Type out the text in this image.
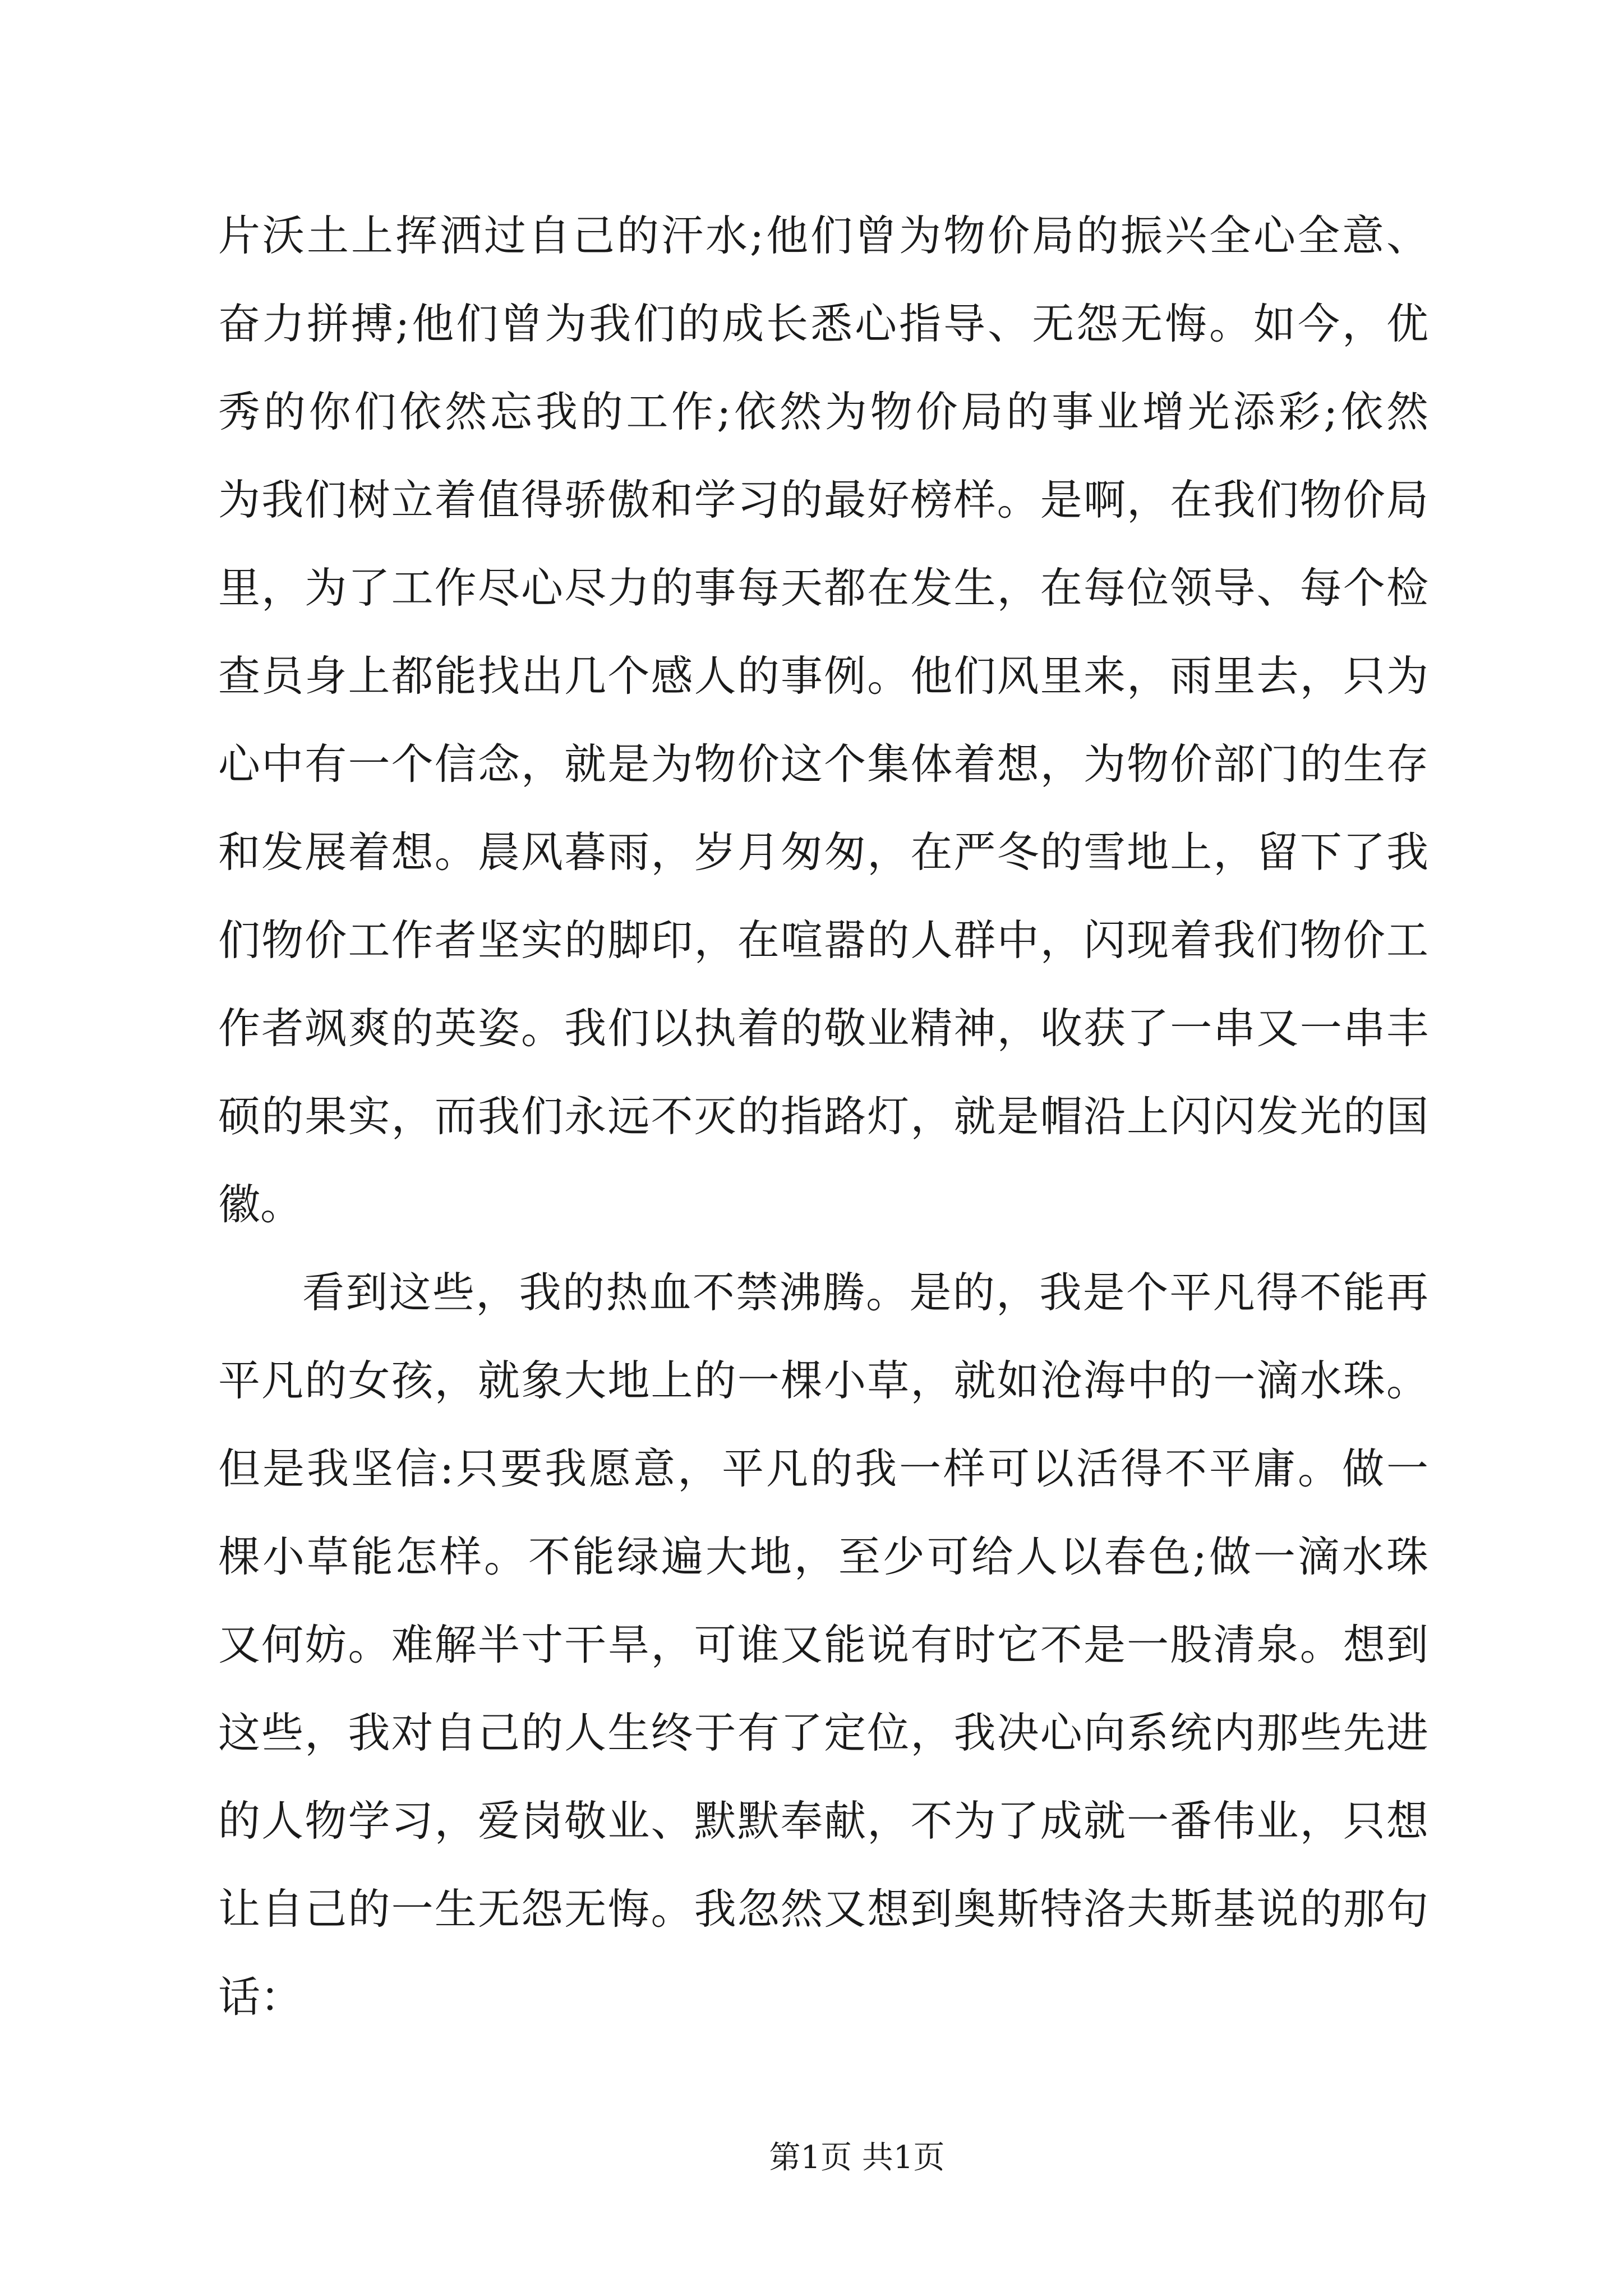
片沃土上挥洒过自己的汗水;他们曾为物价局的振兴全心全意、
奋力拼搏;他们曾为我们的成长悉心指导、无怨无悔。如今，优
秀的你们依然忘我的工作;依然为物价局的事业增光添彩;依然
为我们树立着值得骄傲和学习的最好榜样。是啊，在我们物价局
里，为了工作尽心尽力的事每天都在发生，在每位领导、每个检
查员身上都能找出几个感人的事例。他们风里来，雨里去，只为
心中有一个信念，就是为物价这个集体着想，为物价部门的生存
和发展着想。晨风暮雨，岁月匆匆，在严冬的雪地上，留下了我
们物价工作者坚实的脚印，在喧嚣的人群中，闪现着我们物价工
作者飒爽的英姿。我们以执着的敬业精神，收获了一串又一串丰
硕的果实，而我们永远不灭的指路灯，就是帽沿上闪闪发光的国
徽。
看到这些，我的热血不禁沸腾。是的，我是个平凡得不能再
平凡的女孩，就象大地上的一棵小草，就如沧海中的一滴水珠。
但是我坚信:只要我愿意，平凡的我一样可以活得不平庸。做一
棵小草能怎样。不能绿遍大地，至少可给人以春色;做一滴水珠
又何妨。难解半寸干旱，可谁又能说有时它不是一股清泉。想到
这些，我对自己的人生终于有了定位，我决心向系统内那些先进
的人物学习，爱岗敬业、默默奉献，不为了成就一番伟业，只想
让自己的一生无怨无悔。我忽然又想到奥斯特洛夫斯基说的那句
话：
第1页 共1页
